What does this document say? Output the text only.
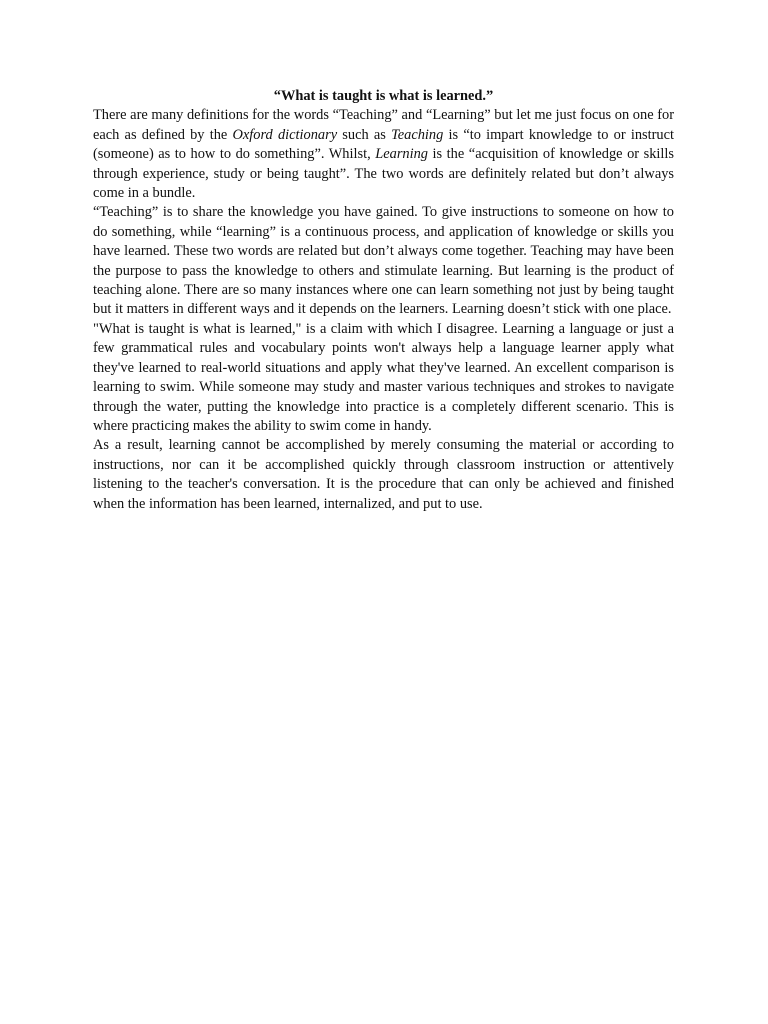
“What is taught is what is learned.”

There are many definitions for the words “Teaching” and “Learning” but let me just focus on one for each as defined by the Oxford dictionary such as Teaching is “to impart knowledge to or instruct (someone) as to how to do something”. Whilst, Learning is the “acquisition of knowledge or skills through experience, study or being taught”. The two words are definitely related but don’t always come in a bundle.

“Teaching” is to share the knowledge you have gained. To give instructions to someone on how to do something, while “learning” is a continuous process, and application of knowledge or skills you have learned. These two words are related but don’t always come together. Teaching may have been the purpose to pass the knowledge to others and stimulate learning. But learning is the product of teaching alone. There are so many instances where one can learn something not just by being taught but it matters in different ways and it depends on the learners. Learning doesn’t stick with one place.

"What is taught is what is learned," is a claim with which I disagree. Learning a language or just a few grammatical rules and vocabulary points won't always help a language learner apply what they've learned to real-world situations and apply what they've learned. An excellent comparison is learning to swim. While someone may study and master various techniques and strokes to navigate through the water, putting the knowledge into practice is a completely different scenario. This is where practicing makes the ability to swim come in handy.

As a result, learning cannot be accomplished by merely consuming the material or according to instructions, nor can it be accomplished quickly through classroom instruction or attentively listening to the teacher's conversation. It is the procedure that can only be achieved and finished when the information has been learned, internalized, and put to use.
